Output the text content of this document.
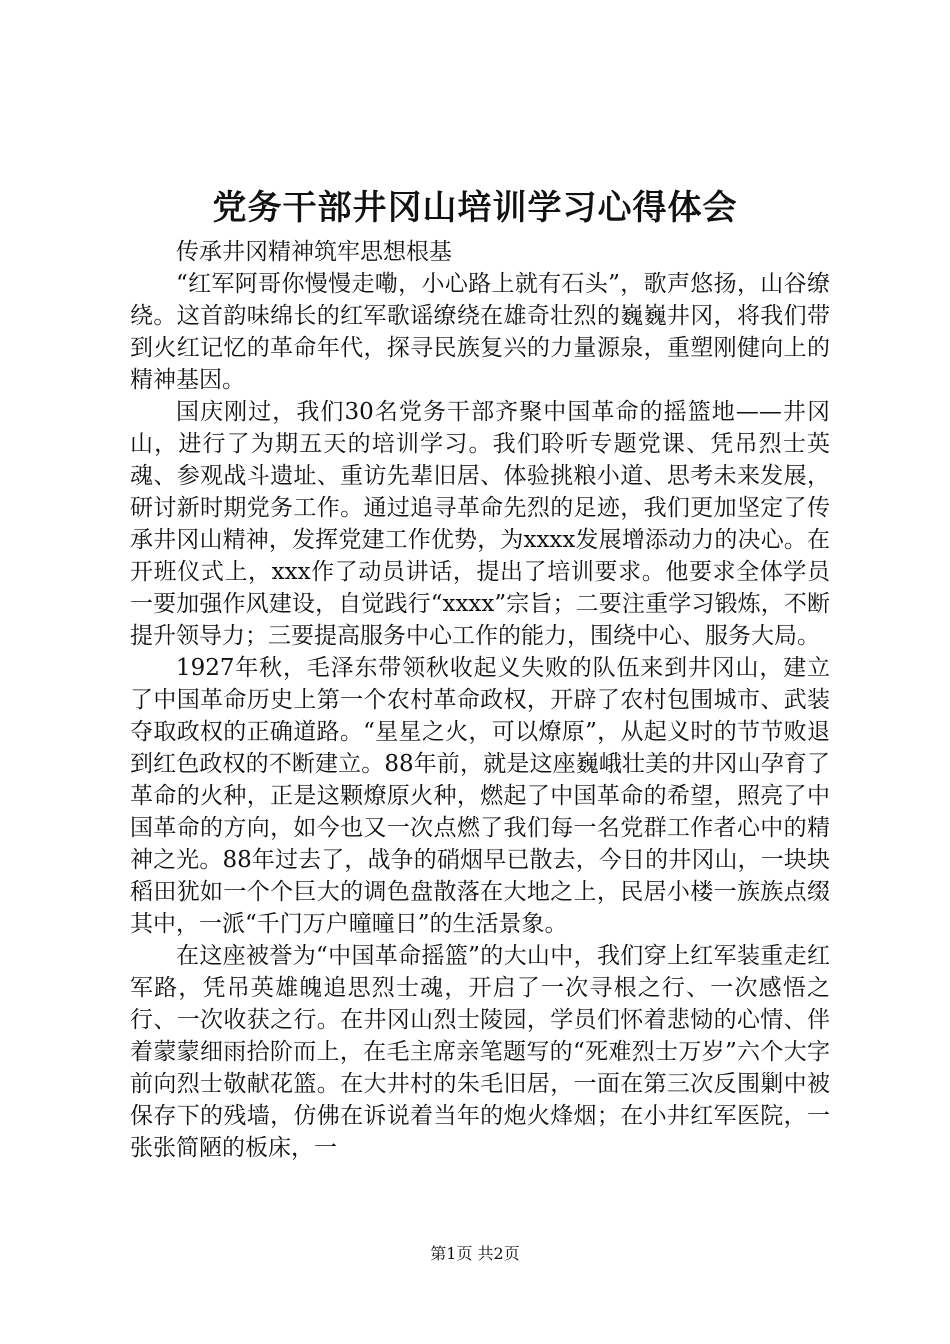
党务干部井冈山培训学习心得体会

传承井冈精神筑牢思想根基

“红军阿哥你慢慢走嘞，小心路上就有石头”，歌声悠扬，山谷缭绕。这首韵味绵长的红军歌谣缭绕在雄奇壮烈的巍巍井冈，将我们带到火红记忆的革命年代，探寻民族复兴的力量源泉，重塑刚健向上的精神基因。

国庆刚过，我们30名党务干部齐聚中国革命的摇篮地——井冈山，进行了为期五天的培训学习。我们聆听专题党课、凭吊烈士英魂、参观战斗遗址、重访先辈旧居、体验挑粮小道、思考未来发展，研讨新时期党务工作。通过追寻革命先烈的足迹，我们更加坚定了传承井冈山精神，发挥党建工作优势，为xxxx发展增添动力的决心。在开班仪式上，xxx作了动员讲话，提出了培训要求。他要求全体学员一要加强作风建设，自觉践行“xxxx”宗旨；二要注重学习锻炼，不断提升领导力；三要提高服务中心工作的能力，围绕中心、服务大局。

1927年秋，毛泽东带领秋收起义失败的队伍来到井冈山，建立了中国革命历史上第一个农村革命政权，开辟了农村包围城市、武装夺取政权的正确道路。“星星之火，可以燎原”，从起义时的节节败退到红色政权的不断建立。88年前，就是这座巍峨壮美的井冈山孕育了革命的火种，正是这颗燎原火种，燃起了中国革命的希望，照亮了中国革命的方向，如今也又一次点燃了我们每一名党群工作者心中的精神之光。88年过去了，战争的硝烟早已散去，今日的井冈山，一块块稻田犹如一个个巨大的调色盘散落在大地之上，民居小楼一族族点缀其中，一派“千门万户曈曈日”的生活景象。

在这座被誉为“中国革命摇篮”的大山中，我们穿上红军装重走红军路，凭吊英雄魄追思烈士魂，开启了一次寻根之行、一次感悟之行、一次收获之行。在井冈山烈士陵园，学员们怀着悲恸的心情、伴着蒙蒙细雨拾阶而上，在毛主席亲笔题写的“死难烈士万岁”六个大字前向烈士敬献花篮。在大井村的朱毛旧居，一面在第三次反围剿中被保存下的残墙，仿佛在诉说着当年的炮火烽烟；在小井红军医院，一张张简陋的板床，一

第1页 共2页
